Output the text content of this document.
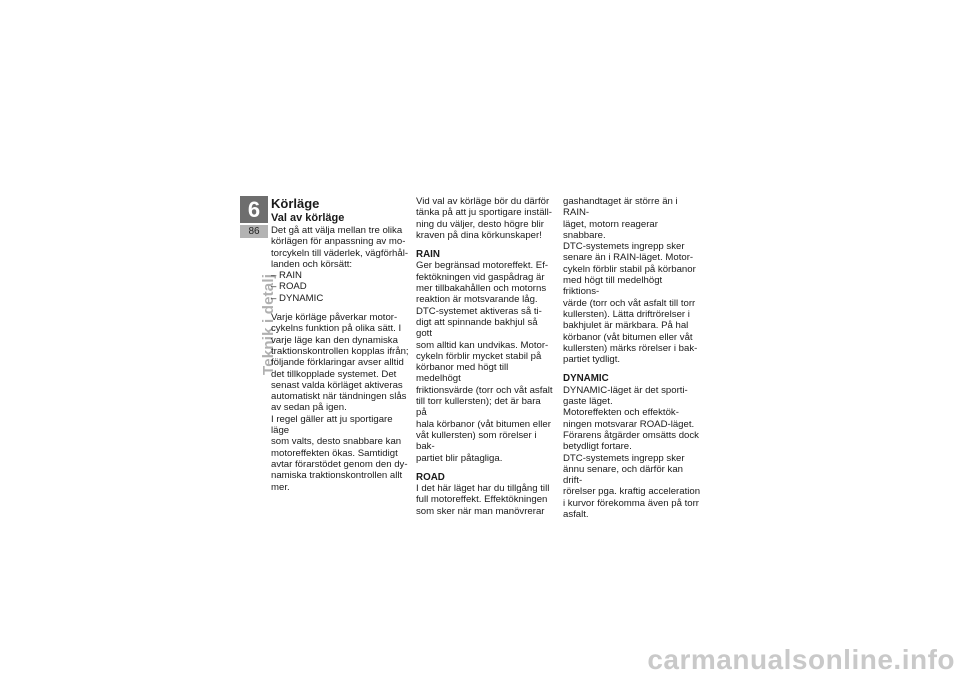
6
86
Teknik i detalj
Körläge
Val av körläge

Det gå att välja mellan tre olika
körlägen för anpassning av mo-
torcykeln till väderlek, vägförhål-
landen och körsätt:

– RAIN
– ROAD
– DYNAMIC

Varje körläge påverkar motor-
cykelns funktion på olika sätt. I
varje läge kan den dynamiska
traktionskontrollen kopplas ifrån;
följande förklaringar avser alltid
det tillkopplade systemet. Det
senast valda körläget aktiveras
automatiskt när tändningen slås
av sedan på igen.
I regel gäller att ju sportigare läge
som valts, desto snabbare kan
motoreffekten ökas. Samtidigt
avtar förarstödet genom den dy-
namiska traktionskontrollen allt
mer.

Vid val av körläge bör du därför
tänka på att ju sportigare inställ-
ning du väljer, desto högre blir
kraven på dina körkunskaper!

RAIN

Ger begränsad motoreffekt. Ef-
fektökningen vid gaspådrag är
mer tillbakahållen och motorns
reaktion är motsvarande låg.
DTC-systemet aktiveras så ti-
digt att spinnande bakhjul så gott
som alltid kan undvikas. Motor-
cykeln förblir mycket stabil på
körbanor med högt till medelhögt
friktionsvärde (torr och våt asfalt
till torr kullersten); det är bara på
hala körbanor (våt bitumen eller
våt kullersten) som rörelser i bak-
partiet blir påtagliga.

ROAD

I det här läget har du tillgång till
full motoreffekt. Effektökningen
som sker när man manövrerar

gashandtaget är större än i RAIN-
läget, motorn reagerar snabbare.
DTC-systemets ingrepp sker
senare än i RAIN-läget. Motor-
cykeln förblir stabil på körbanor
med högt till medelhögt friktions-
värde (torr och våt asfalt till torr
kullersten). Lätta driftrörelser i
bakhjulet är märkbara. På hal
körbanor (våt bitumen eller våt
kullersten) märks rörelser i bak-
partiet tydligt.

DYNAMIC

DYNAMIC-läget är det sporti-
gaste läget.
Motoreffekten och effektök-
ningen motsvarar ROAD-läget.
Förarens åtgärder omsätts dock
betydligt fortare.
DTC-systemets ingrepp sker
ännu senare, och därför kan drift-
rörelser pga. kraftig acceleration
i kurvor förekomma även på torr
asfalt.

carmanualsonline.info
